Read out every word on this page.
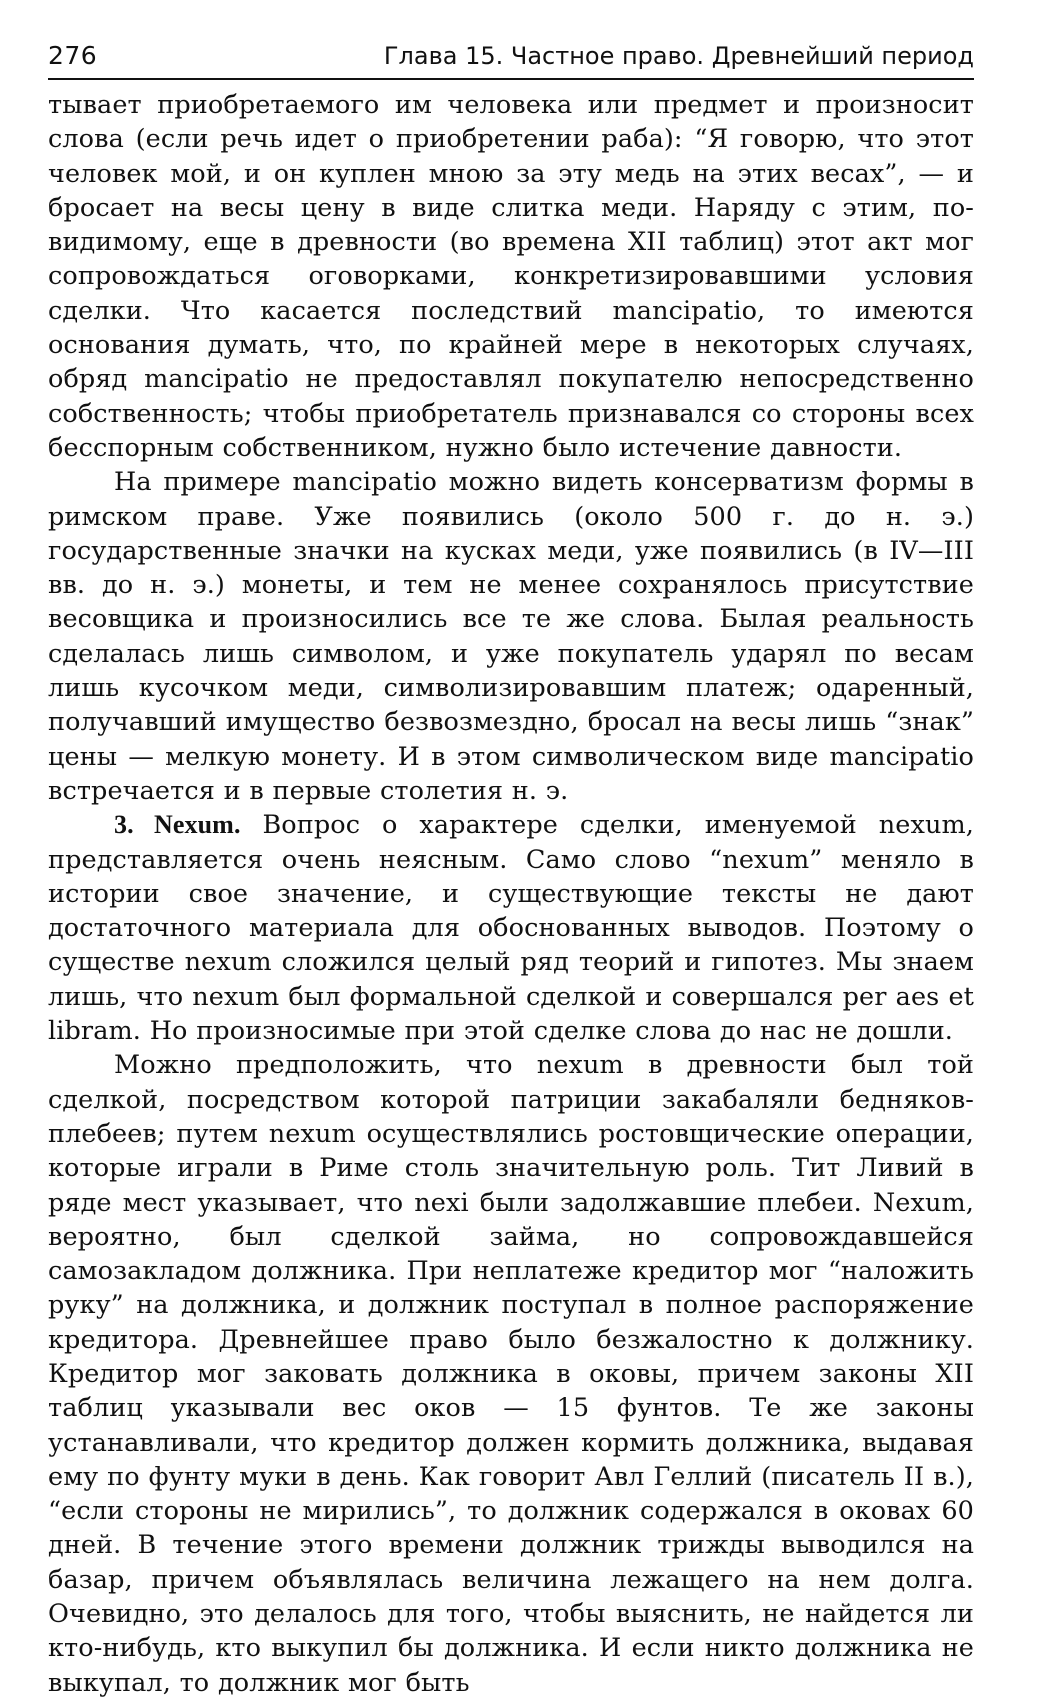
276	Глава 15. Частное право. Древнейший период

тывает приобретаемого им человека или предмет и произносит слова (если речь идет о приобретении раба): “Я говорю, что этот человек мой, и он куплен мною за эту медь на этих весах”, — и бросает на весы цену в виде слитка меди. Наряду с этим, по-видимому, еще в древности (во времена XII таблиц) этот акт мог сопровождаться оговорками, конкретизировавшими условия сделки. Что касается последствий mancipatio, то имеются основания думать, что, по крайней мере в некоторых случаях, обряд mancipatio не предоставлял покупателю непосредственно собственность; чтобы приобретатель признавался со стороны всех бесспорным собственником, нужно было истечение давности.

На примере mancipatio можно видеть консерватизм формы в римском праве. Уже появились (около 500 г. до н. э.) государственные значки на кусках меди, уже появились (в IV—III вв. до н. э.) монеты, и тем не менее сохранялось присутствие весовщика и произносились все те же слова. Былая реальность сделалась лишь символом, и уже покупатель ударял по весам лишь кусочком меди, символизировавшим платеж; одаренный, получавший имущество безвозмездно, бросал на весы лишь “знак” цены — мелкую монету. И в этом символическом виде mancipatio встречается и в первые столетия н. э.

3. Nexum. Вопрос о характере сделки, именуемой nexum, представляется очень неясным. Само слово “nexum” меняло в истории свое значение, и существующие тексты не дают достаточного материала для обоснованных выводов. Поэтому о существе nexum сложился целый ряд теорий и гипотез. Мы знаем лишь, что nexum был формальной сделкой и совершался per aes et libram. Но произносимые при этой сделке слова до нас не дошли.

Можно предположить, что nexum в древности был той сделкой, посредством которой патриции закабаляли бедняков-плебеев; путем nexum осуществлялись ростовщические операции, которые играли в Риме столь значительную роль. Тит Ливий в ряде мест указывает, что nexi были задолжавшие плебеи. Nexum, вероятно, был сделкой займа, но сопровождавшейся самозакладом должника. При неплатеже кредитор мог “наложить руку” на должника, и должник поступал в полное распоряжение кредитора. Древнейшее право было безжалостно к должнику. Кредитор мог заковать должника в оковы, причем законы XII таблиц указывали вес оков — 15 фунтов. Те же законы устанавливали, что кредитор должен кормить должника, выдавая ему по фунту муки в день. Как говорит Авл Геллий (писатель II в.), “если стороны не мирились”, то должник содержался в оковах 60 дней. В течение этого времени должник трижды выводился на базар, причем объявлялась величина лежащего на нем долга. Очевидно, это делалось для того, чтобы выяснить, не найдется ли кто-нибудь, кто выкупил бы должника. И если никто должника не выкупал, то должник мог быть
